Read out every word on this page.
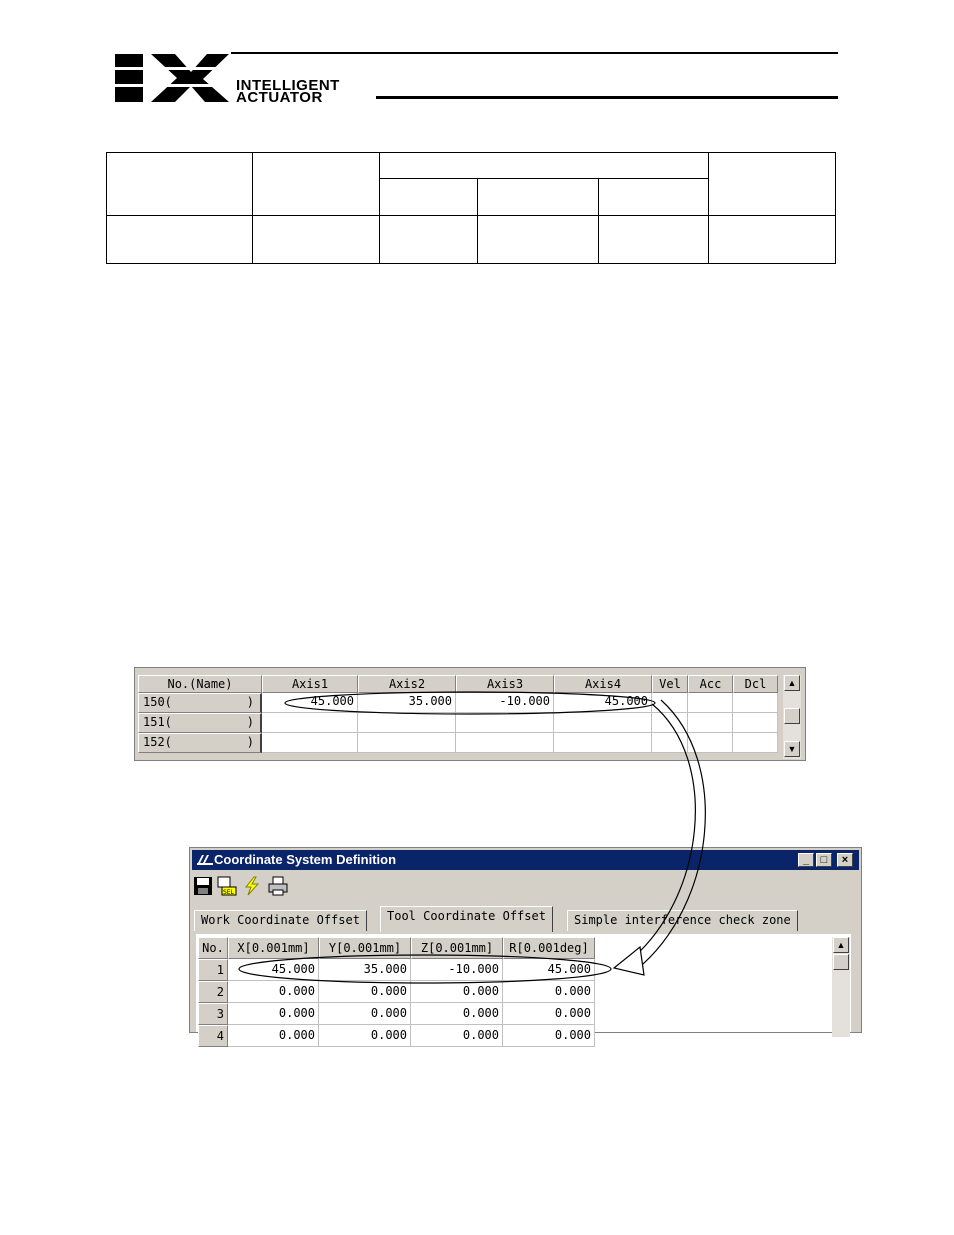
INTELLIGENT
ACTUATOR

No.(Name)	Axis1	Axis2	Axis3	Axis4	Vel	Acc	Dcl
150(	)	45.000	35.000	-10.000	45.000
151(	)
152(	)
▲
▼
Coordinate System Definition	_	□	×
SEL
Work Coordinate Offset	Tool Coordinate Offset	Simple interference check zone
No.	X[0.001mm]	Y[0.001mm]	Z[0.001mm]	R[0.001deg]
1	45.000	35.000	-10.000	45.000
2	0.000	0.000	0.000	0.000
3	0.000	0.000	0.000	0.000
4	0.000	0.000	0.000	0.000
▲
